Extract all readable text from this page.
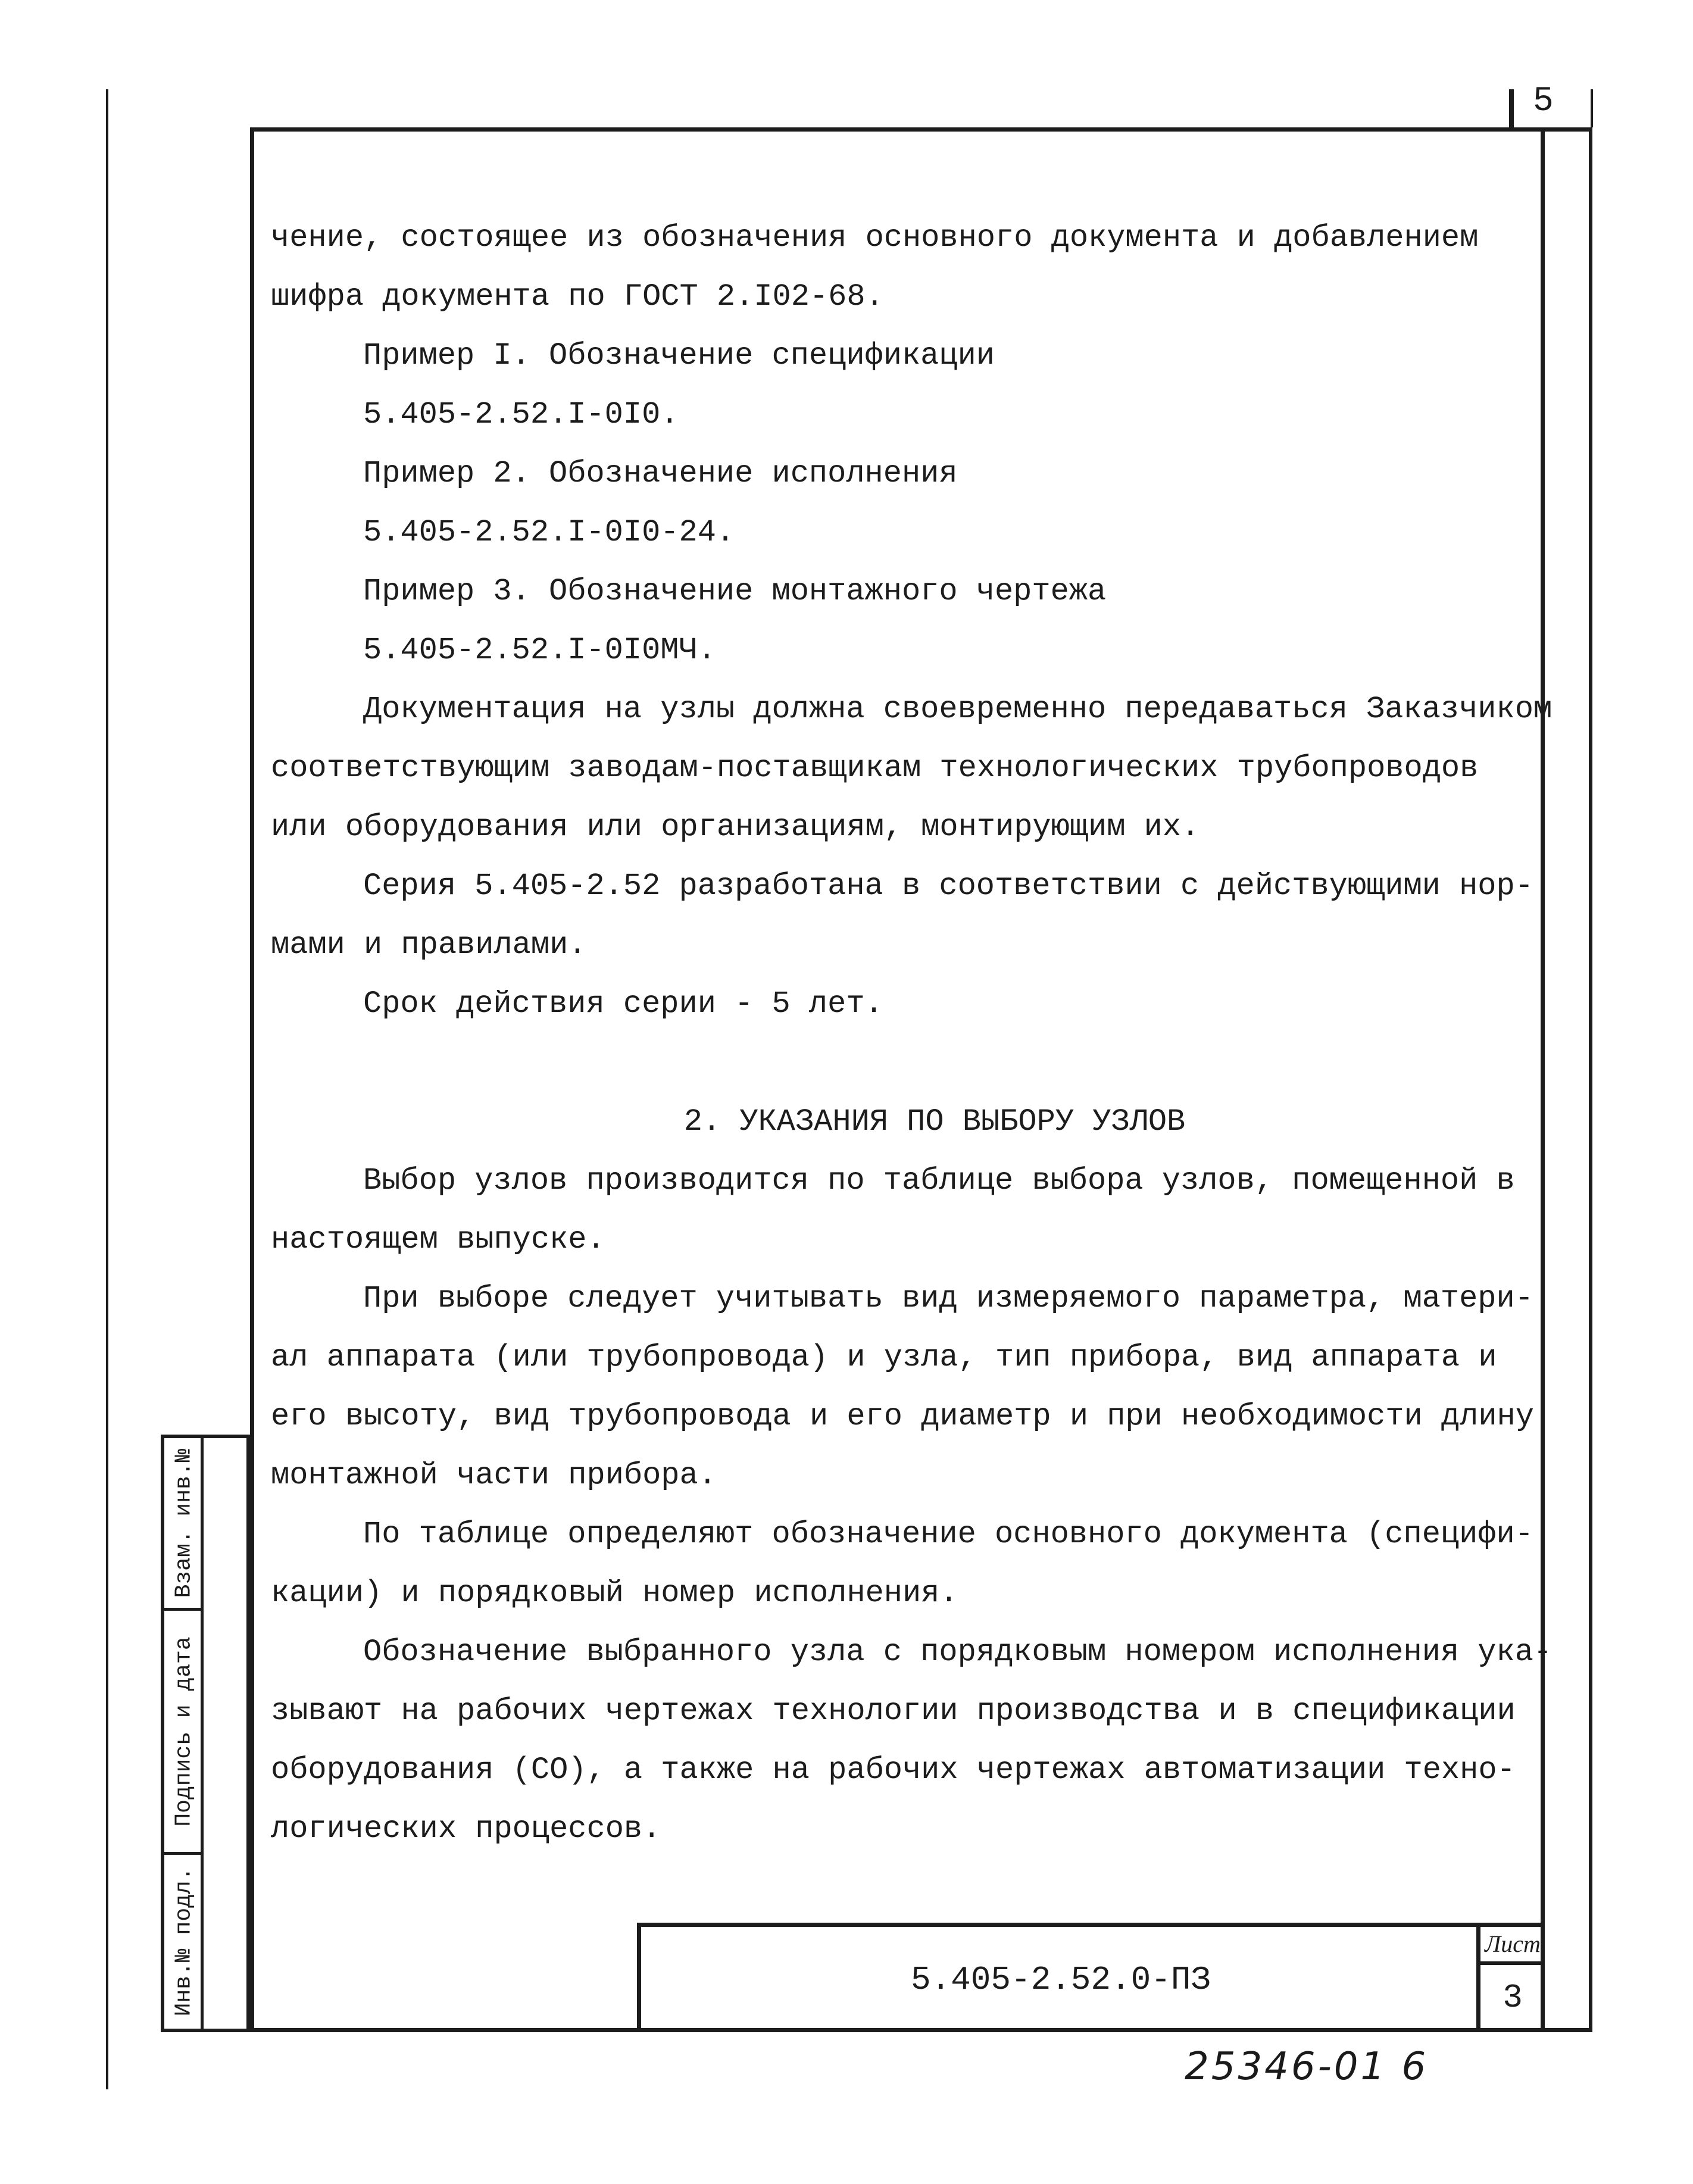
5
чение, состоящее из обозначения основного документа и добавлением
шифра документа по ГОСТ 2.I02-68.
Пример I. Обозначение спецификации
5.405-2.52.I-0I0.
Пример 2. Обозначение исполнения
5.405-2.52.I-0I0-24.
Пример 3. Обозначение монтажного чертежа
5.405-2.52.I-0I0МЧ.
Документация на узлы должна своевременно передаваться Заказчиком
соответствующим заводам-поставщикам технологических трубопроводов
или оборудования или организациям, монтирующим их.
Серия 5.405-2.52 разработана в соответствии с действующими нор-
мами и правилами.
Срок действия серии - 5 лет.
2. УКАЗАНИЯ ПО ВЫБОРУ УЗЛОВ
Выбор узлов производится по таблице выбора узлов, помещенной в
настоящем выпуске.
При выборе следует учитывать вид измеряемого параметра, матери-
ал аппарата (или трубопровода) и узла, тип прибора, вид аппарата и
его высоту, вид трубопровода и его диаметр и при необходимости длину
монтажной части прибора.
По таблице определяют обозначение основного документа (специфи-
кации) и порядковый номер исполнения.
Обозначение выбранного узла с порядковым номером исполнения ука-
зывают на рабочих чертежах технологии производства и в спецификации
оборудования (СО), а также на рабочих чертежах автоматизации техно-
логических процессов.
Взам. инв.№
Подпись и дата
Инв.№ подл.	5.405-2.52.0-ПЗ
Лист
3
25346-01 6
